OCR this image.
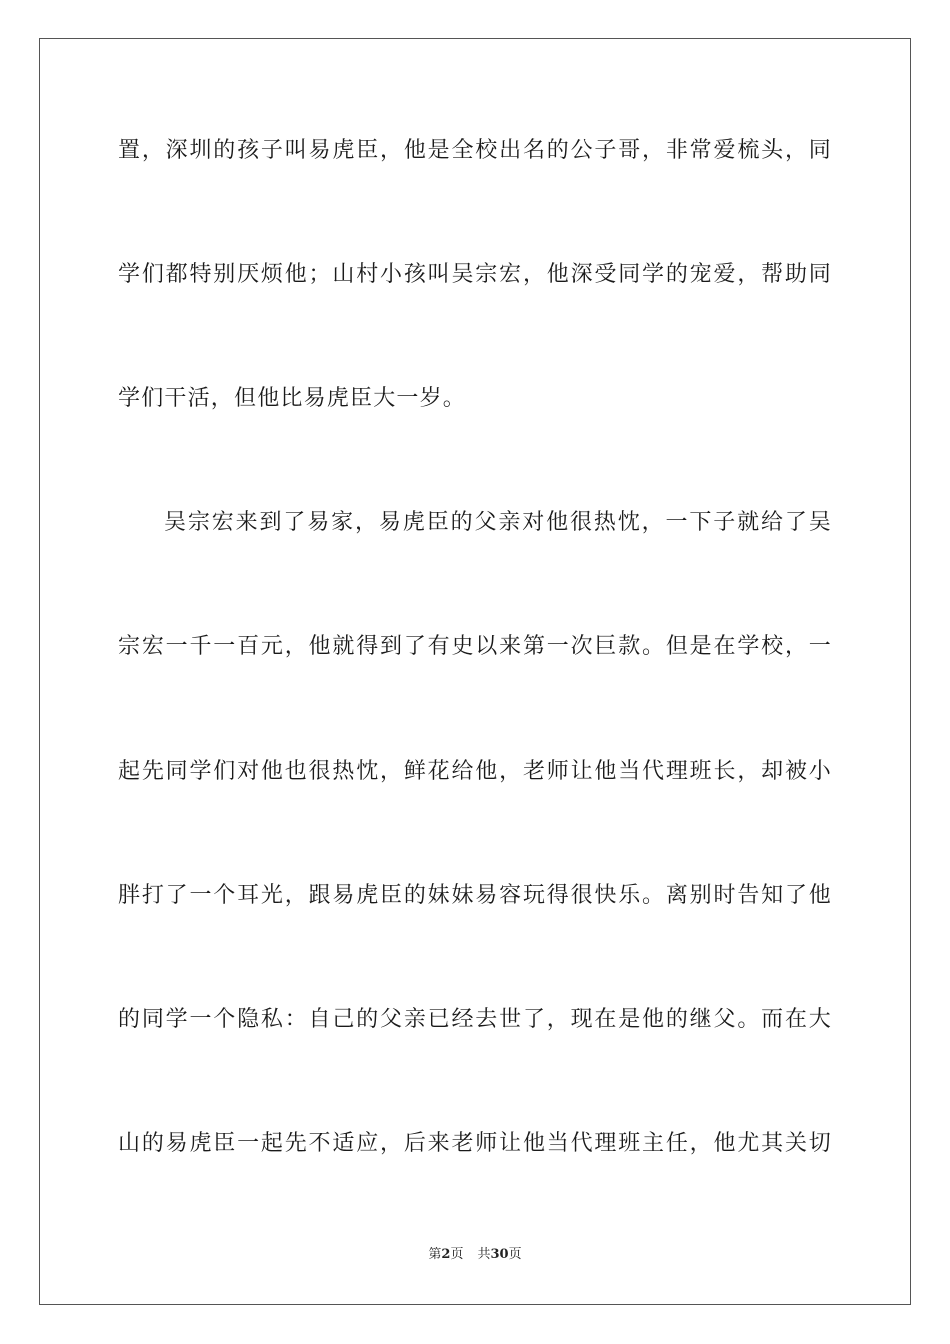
置，深圳的孩子叫易虎臣，他是全校出名的公子哥，非常爱梳头，同
学们都特别厌烦他；山村小孩叫吴宗宏，他深受同学的宠爱，帮助同
学们干活，但他比易虎臣大一岁。
吴宗宏来到了易家，易虎臣的父亲对他很热忱，一下子就给了吴
宗宏一千一百元，他就得到了有史以来第一次巨款。但是在学校，一
起先同学们对他也很热忱，鲜花给他，老师让他当代理班长，却被小
胖打了一个耳光，跟易虎臣的妹妹易容玩得很快乐。离别时告知了他
的同学一个隐私：自己的父亲已经去世了，现在是他的继父。而在大
山的易虎臣一起先不适应，后来老师让他当代理班主任，他尤其关切
第2页 共30页
